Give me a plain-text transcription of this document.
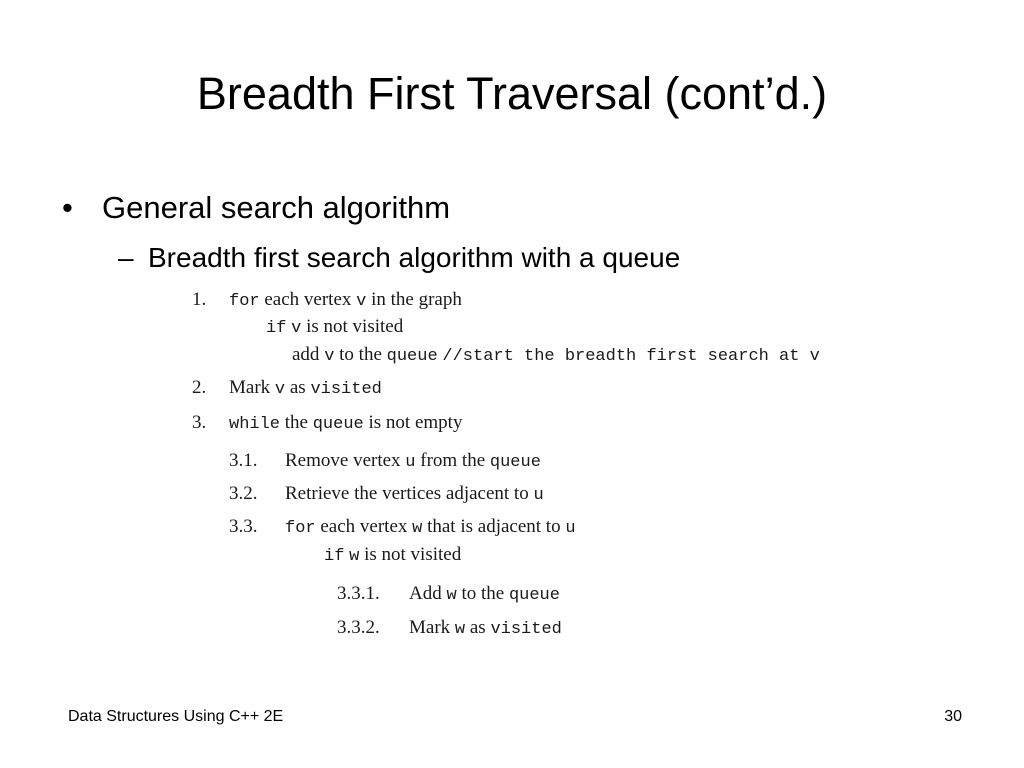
Breadth First Traversal (cont’d.)
• General search algorithm
– Breadth first search algorithm with a queue
1. for each vertex v in the graph
if v is not visited
add v to the queue //start the breadth first search at v
2. Mark v as visited
3. while the queue is not empty
3.1. Remove vertex u from the queue
3.2. Retrieve the vertices adjacent to u
3.3. for each vertex w that is adjacent to u
if w is not visited
3.3.1. Add w to the queue
3.3.2. Mark w as visited
Data Structures Using C++ 2E	30
